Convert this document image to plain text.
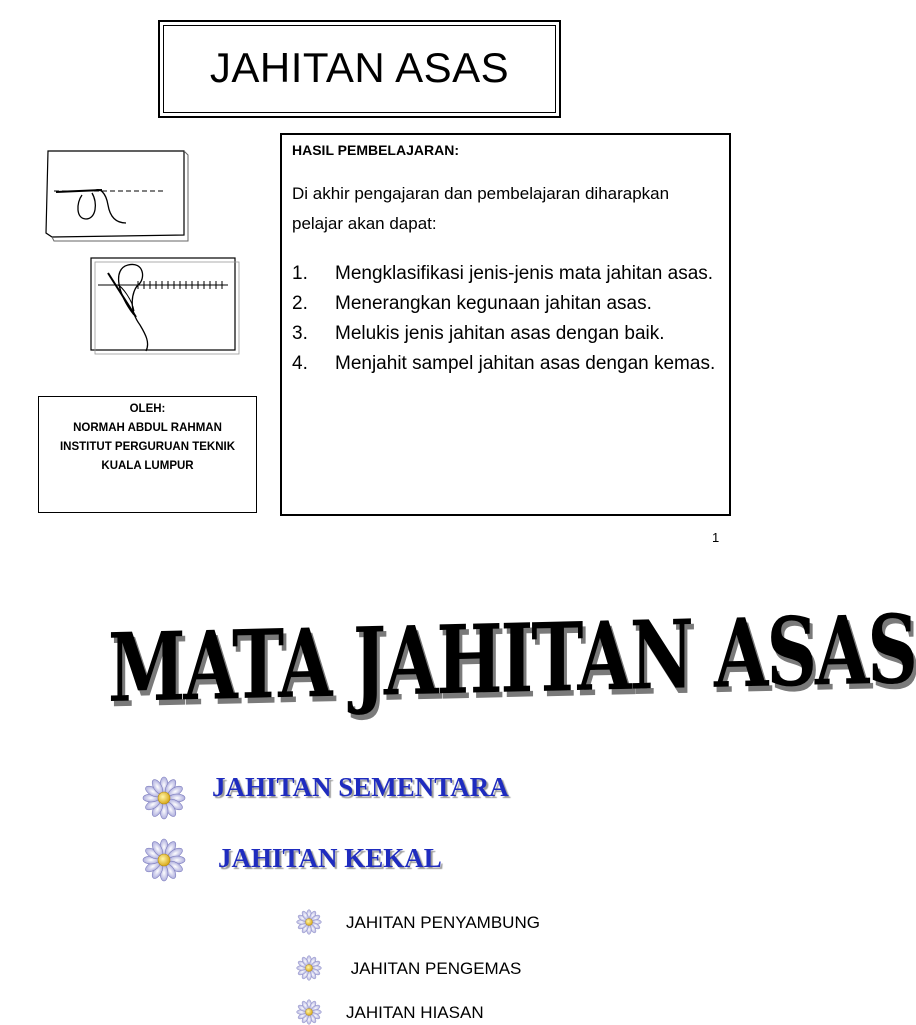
JAHITAN ASAS
OLEH:
NORMAH ABDUL RAHMAN
INSTITUT PERGURUAN TEKNIK
KUALA LUMPUR
HASIL PEMBELAJARAN:
Di akhir pengajaran dan pembelajaran diharapkan
pelajar akan dapat:
1.	Mengklasifikasi jenis-jenis mata jahitan asas.
2.	Menerangkan kegunaan jahitan asas.
3.	Melukis jenis jahitan asas dengan baik.
4.	Menjahit sampel jahitan asas dengan kemas.
1
MATA JAHITAN ASAS
JAHITAN SEMENTARA
JAHITAN KEKAL
JAHITAN PENYAMBUNG
JAHITAN PENGEMAS
JAHITAN HIASAN
